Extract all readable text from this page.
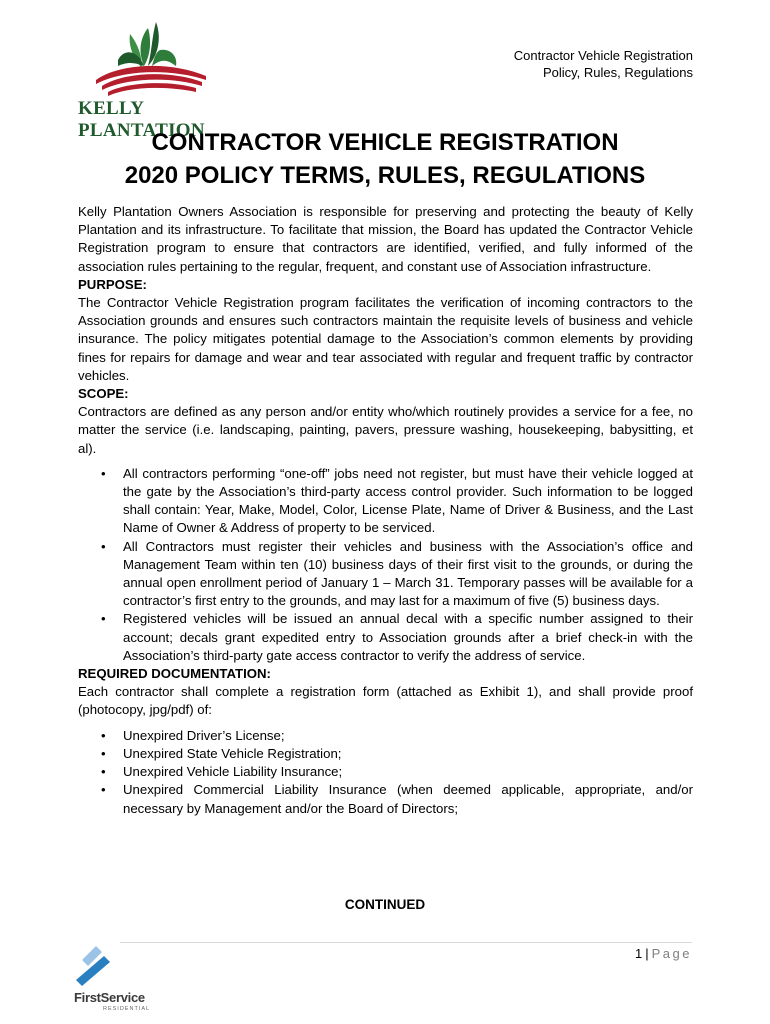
KELLY PLANTATION
Contractor Vehicle Registration
Policy, Rules, Regulations
CONTRACTOR VEHICLE REGISTRATION
2020 POLICY TERMS, RULES, REGULATIONS

Kelly Plantation Owners Association is responsible for preserving and protecting the beauty of Kelly Plantation and its infrastructure. To facilitate that mission, the Board has updated the Contractor Vehicle Registration program to ensure that contractors are identified, verified, and fully informed of the association rules pertaining to the regular, frequent, and constant use of Association infrastructure.

PURPOSE:

The Contractor Vehicle Registration program facilitates the verification of incoming contractors to the Association grounds and ensures such contractors maintain the requisite levels of business and vehicle insurance. The policy mitigates potential damage to the Association’s common elements by providing fines for repairs for damage and wear and tear associated with regular and frequent traffic by contractor vehicles.

SCOPE:

Contractors are defined as any person and/or entity who/which routinely provides a service for a fee, no matter the service (i.e. landscaping, painting, pavers, pressure washing, housekeeping, babysitting, et al).

• All contractors performing “one-off” jobs need not register, but must have their vehicle logged at the gate by the Association’s third-party access control provider. Such information to be logged shall contain: Year, Make, Model, Color, License Plate, Name of Driver & Business, and the Last Name of Owner & Address of property to be serviced.
• All Contractors must register their vehicles and business with the Association’s office and Management Team within ten (10) business days of their first visit to the grounds, or during the annual open enrollment period of January 1 – March 31. Temporary passes will be available for a contractor’s first entry to the grounds, and may last for a maximum of five (5) business days.
• Registered vehicles will be issued an annual decal with a specific number assigned to their account; decals grant expedited entry to Association grounds after a brief check-in with the Association’s third-party gate access contractor to verify the address of service.

REQUIRED DOCUMENTATION:

Each contractor shall complete a registration form (attached as Exhibit 1), and shall provide proof (photocopy, jpg/pdf) of:

• Unexpired Driver’s License;
• Unexpired State Vehicle Registration;
• Unexpired Vehicle Liability Insurance;
• Unexpired Commercial Liability Insurance (when deemed applicable, appropriate, and/or necessary by Management and/or the Board of Directors;
CONTINUED
1 | Page
FirstService
RESIDENTIAL
